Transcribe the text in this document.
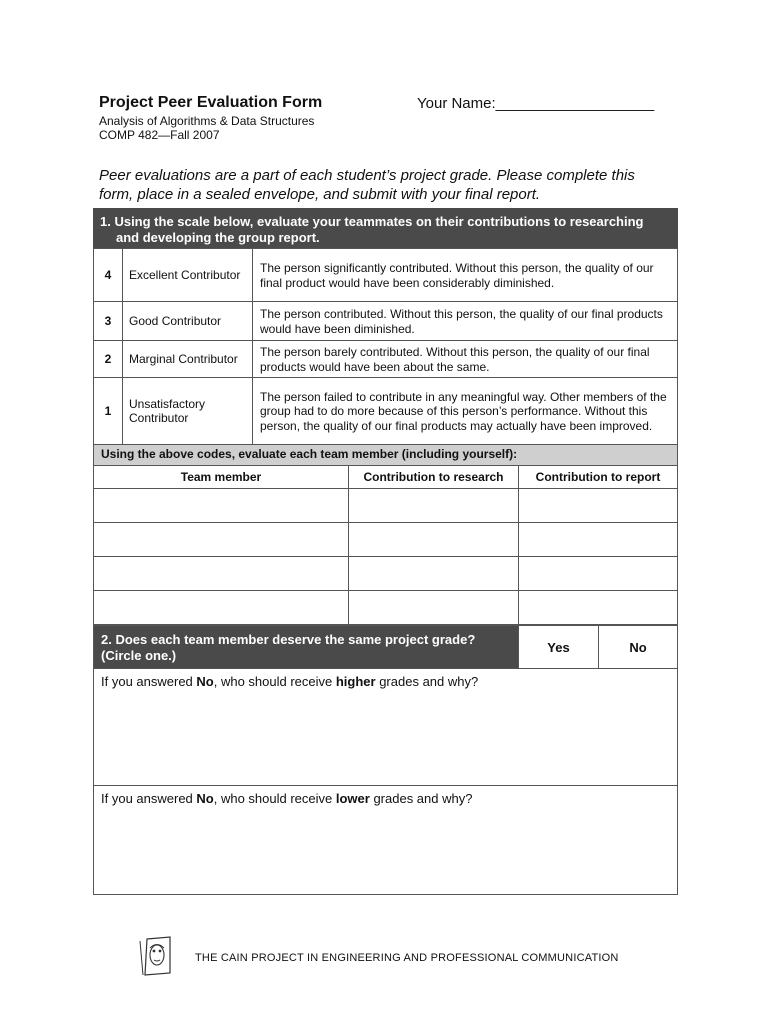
Project Peer Evaluation Form	Your Name:___________________
Analysis of Algorithms & Data Structures
COMP 482—Fall 2007
Peer evaluations are a part of each student’s project grade. Please complete this form, place in a sealed envelope, and submit with your final report.
1. Using the scale below, evaluate your teammates on their contributions to researching and developing the group report.
4	Excellent Contributor	The person significantly contributed. Without this person, the quality of our final product would have been considerably diminished.
3	Good Contributor	The person contributed. Without this person, the quality of our final products would have been diminished.
2	Marginal Contributor	The person barely contributed. Without this person, the quality of our final products would have been about the same.
1	Unsatisfactory Contributor	The person failed to contribute in any meaningful way. Other members of the group had to do more because of this person’s performance. Without this person, the quality of our final products may actually have been improved.
Using the above codes, evaluate each team member (including yourself):
Team member	Contribution to research	Contribution to report

2. Does each team member deserve the same project grade? (Circle one.)	Yes	No
If you answered No, who should receive higher grades and why?
If you answered No, who should receive lower grades and why?
THE CAIN PROJECT IN ENGINEERING AND PROFESSIONAL COMMUNICATION
